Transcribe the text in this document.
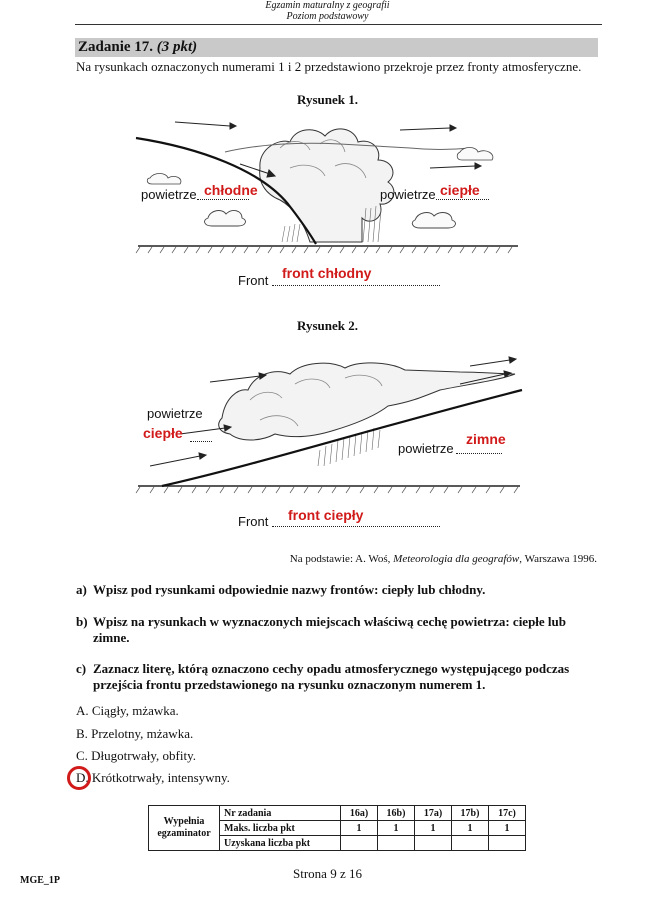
Egzamin maturalny z geografii
Poziom podstawowy
Zadanie 17. (3 pkt)
Na rysunkach oznaczonych numerami 1 i 2 przedstawiono przekroje przez fronty atmosferyczne.
Rysunek 1.
powietrze chłodne	powietrze ciepłe
Front front chłodny
Rysunek 2.
powietrze
ciepłe
powietrze
zimne
Front front ciepły
Na podstawie: A. Woś, Meteorologia dla geografów, Warszawa 1996.
a) Wpisz pod rysunkami odpowiednie nazwy frontów: ciepły lub chłodny.
b) Wpisz na rysunkach w wyznaczonych miejscach właściwą cechę powietrza: ciepłe lub
zimne.
c) Zaznacz literę, którą oznaczono cechy opadu atmosferycznego występującego podczas
przejścia frontu przedstawionego na rysunku oznaczonym numerem 1.
A. Ciągły, mżawka.
B. Przelotny, mżawka.
C. Długotrwały, obfity.
D. Krótkotrwały, intensywny.
Wypełnia
egzaminator	Nr zadania	16a)	16b)	17a)	17b)	17c)
	Maks. liczba pkt	1	1	1	1	1
	Uzyskana liczba pkt					
MGE_1P	Strona 9 z 16
